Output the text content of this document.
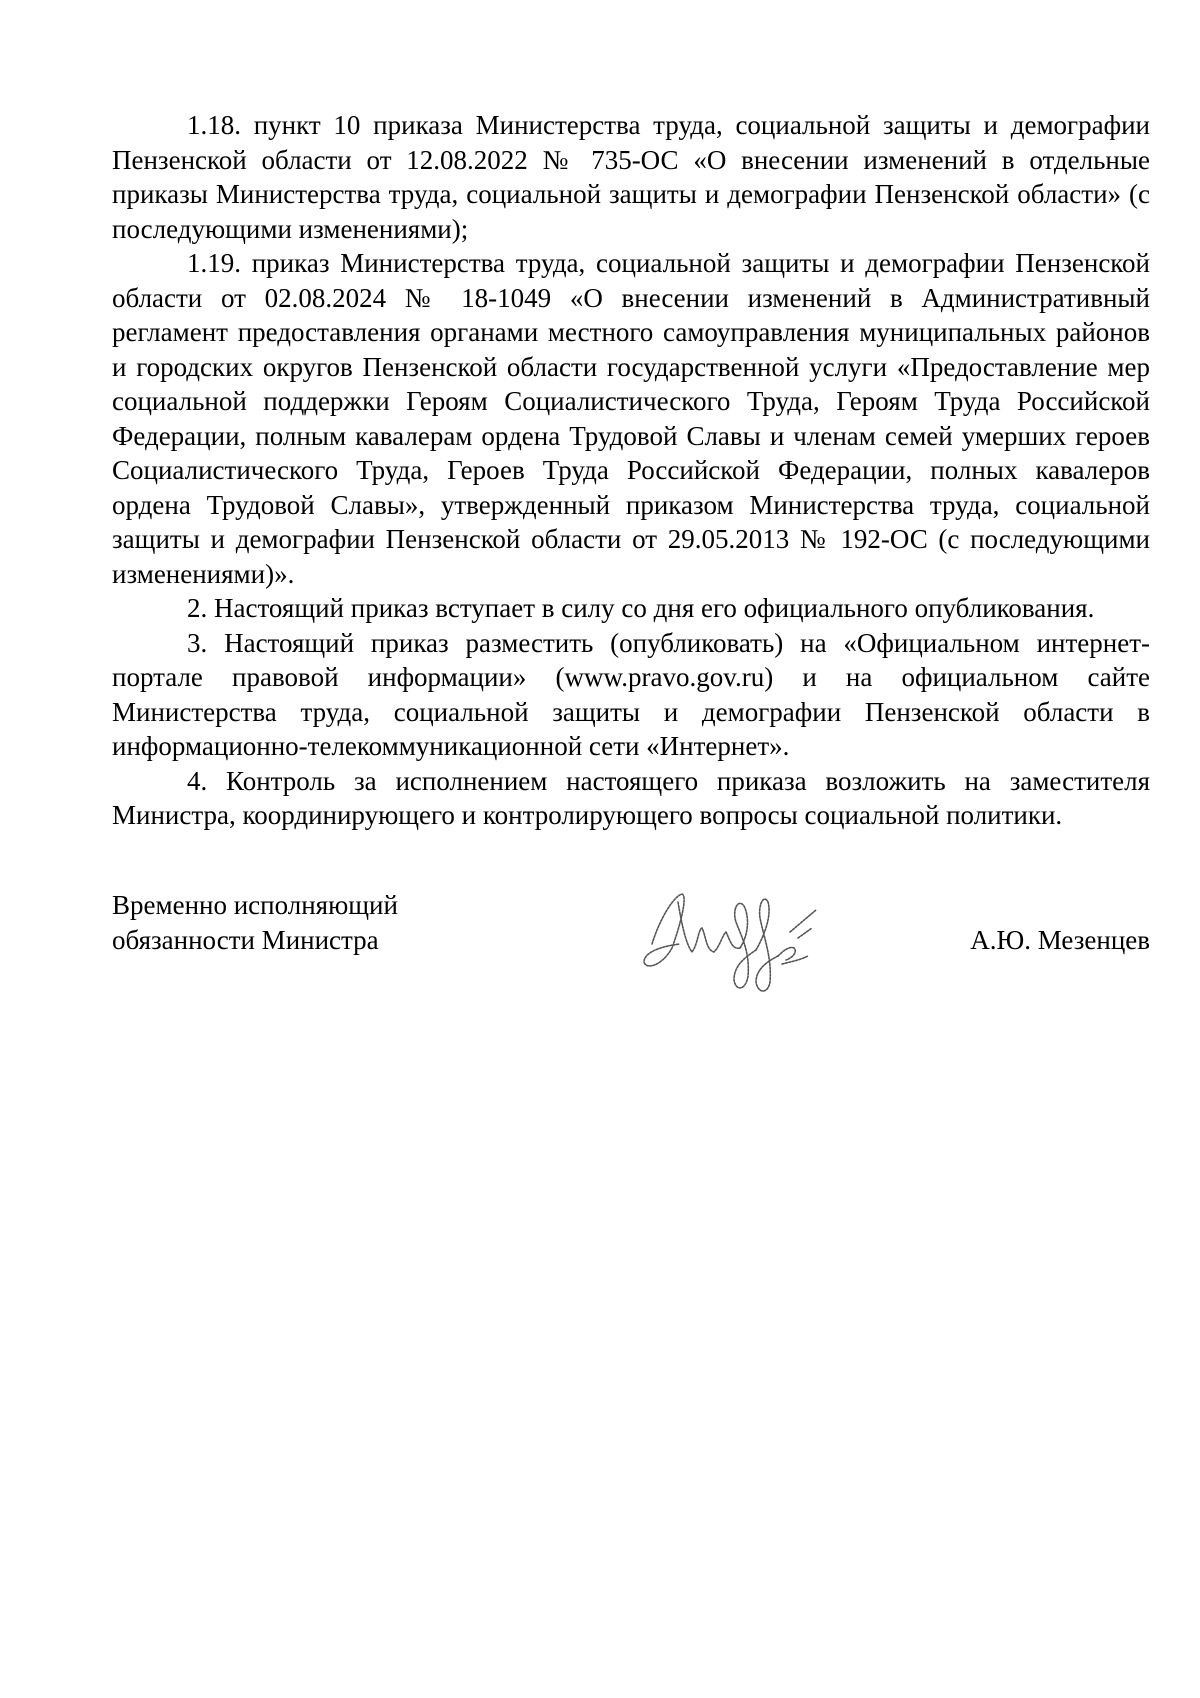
1.18. пункт 10 приказа Министерства труда, социальной защиты и демографии Пензенской области от 12.08.2022 № 735-ОС «О внесении изменений в отдельные приказы Министерства труда, социальной защиты и демографии Пензенской области» (с последующими изменениями);

1.19. приказ Министерства труда, социальной защиты и демографии Пензенской области от 02.08.2024 № 18-1049 «О внесении изменений в Административный регламент предоставления органами местного самоуправления муниципальных районов и городских округов Пензенской области государственной услуги «Предоставление мер социальной поддержки Героям Социалистического Труда, Героям Труда Российской Федерации, полным кавалерам ордена Трудовой Славы и членам семей умерших героев Социалистического Труда, Героев Труда Российской Федерации, полных кавалеров ордена Трудовой Славы», утвержденный приказом Министерства труда, социальной защиты и демографии Пензенской области от 29.05.2013 № 192-ОС (с последующими изменениями)».

2. Настоящий приказ вступает в силу со дня его официального опубликования.

3. Настоящий приказ разместить (опубликовать) на «Официальном интернет-портале правовой информации» (www.pravo.gov.ru) и на официальном сайте Министерства труда, социальной защиты и демографии Пензенской области в информационно-телекоммуникационной сети «Интернет».

4. Контроль за исполнением настоящего приказа возложить на заместителя Министра, координирующего и контролирующего вопросы социальной политики.

Временно исполняющий
обязанности Министра	А.Ю. Мезенцев
